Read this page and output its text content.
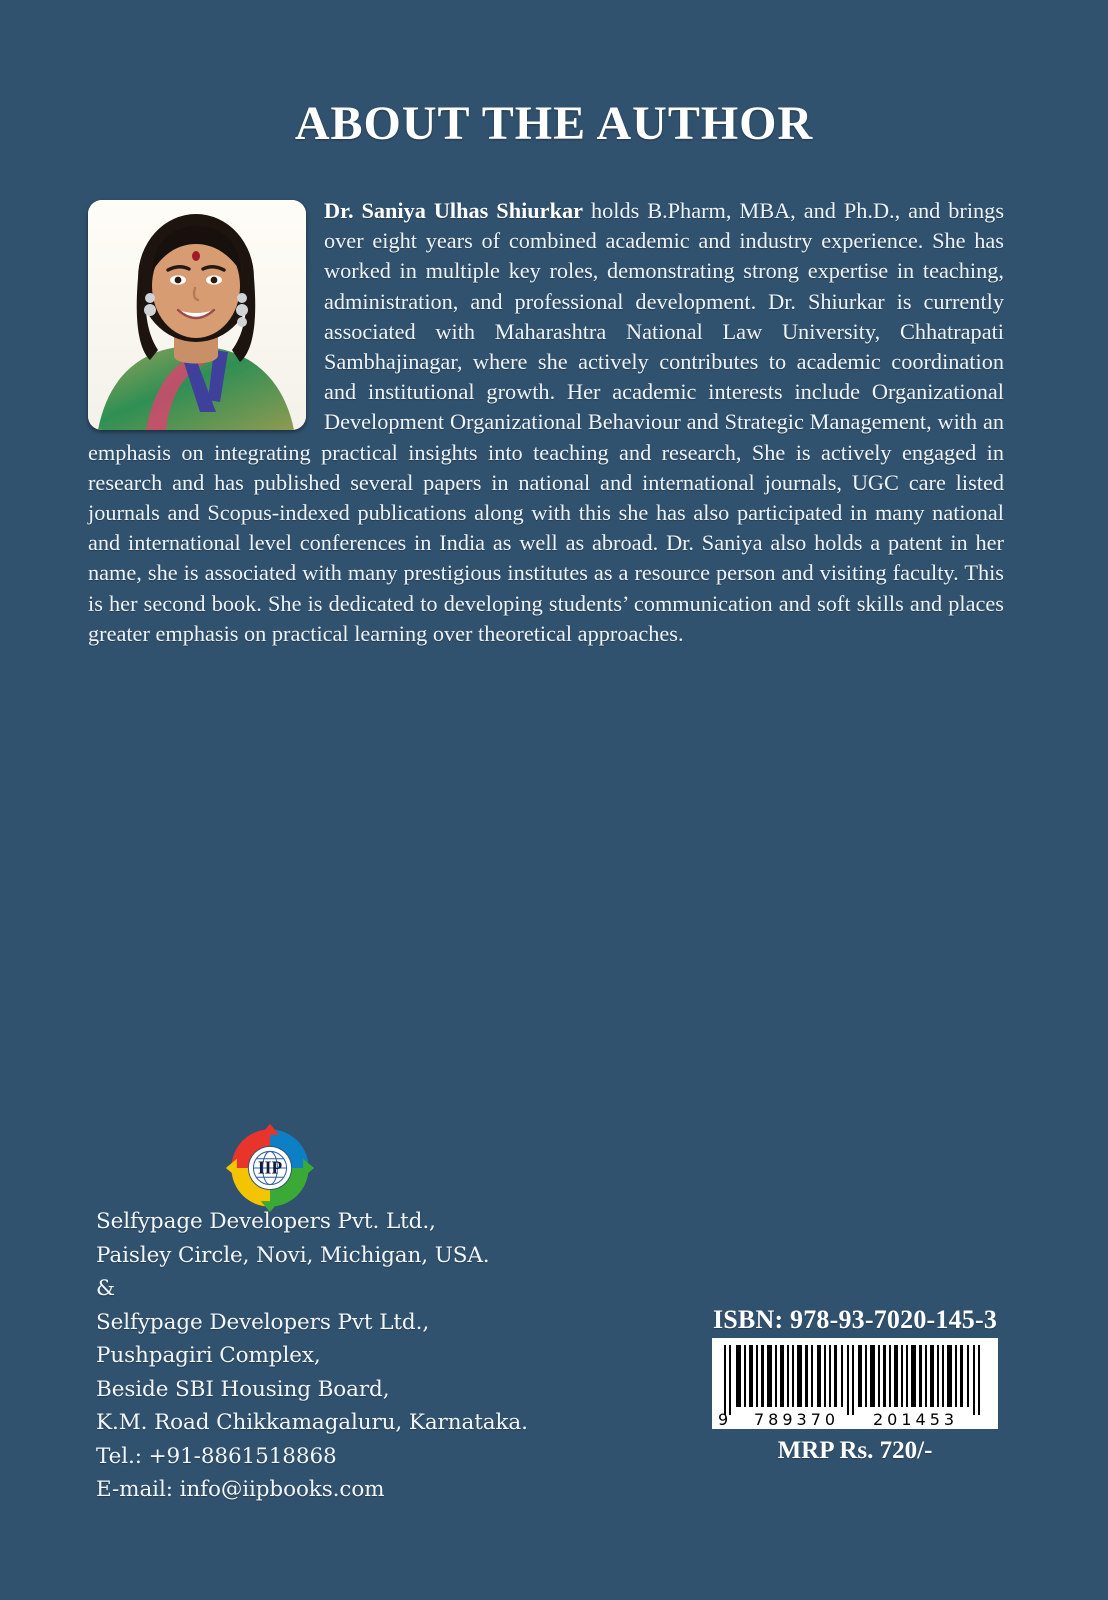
ABOUT THE AUTHOR
Dr. Saniya Ulhas Shiurkar holds B.Pharm, MBA, and Ph.D., and brings over eight years of combined academic and industry experience. She has worked in multiple key roles, demonstrating strong expertise in teaching, administration, and professional development. Dr. Shiurkar is currently associated with Maharashtra National Law University, Chhatrapati Sambhajinagar, where she actively contributes to academic coordination and institutional growth. Her academic interests include Organizational Development Organizational Behaviour and Strategic Management, with an emphasis on integrating practical insights into teaching and research, She is actively engaged in research and has published several papers in national and international journals, UGC care listed journals and Scopus-indexed publications along with this she has also participated in many national and international level conferences in India as well as abroad. Dr. Saniya also holds a patent in her name, she is associated with many prestigious institutes as a resource person and visiting faculty. This is her second book. She is dedicated to developing students’ communication and soft skills and places greater emphasis on practical learning over theoretical approaches.
IIP
Selfypage Developers Pvt. Ltd.,
Paisley Circle, Novi, Michigan, USA.
&
Selfypage Developers Pvt Ltd.,
Pushpagiri Complex,
Beside SBI Housing Board,
K.M. Road Chikkamagaluru, Karnataka.
Tel.: +91-8861518868
E-mail: info@iipbooks.com
ISBN: 978-93-7020-145-3
9 789370 201453
MRP Rs. 720/-
